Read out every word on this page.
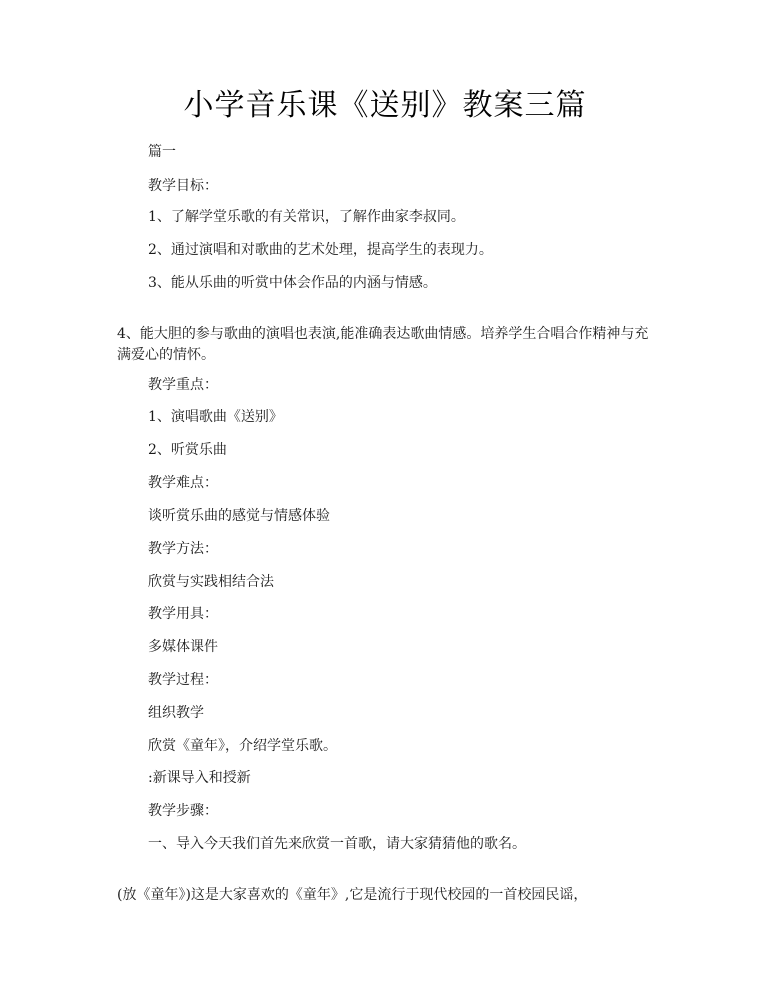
小学音乐课《送别》教案三篇
篇一
教学目标：
1、了解学堂乐歌的有关常识，了解作曲家李叔同。
2、通过演唱和对歌曲的艺术处理，提高学生的表现力。
3、能从乐曲的听赏中体会作品的内涵与情感。
4、能大胆的参与歌曲的演唱也表演,能准确表达歌曲情感。培养学生合唱合作精神与充满爱心的情怀。
教学重点：
1、演唱歌曲《送别》
2、听赏乐曲
教学难点：
谈听赏乐曲的感觉与情感体验
教学方法：
欣赏与实践相结合法
教学用具：
多媒体课件
教学过程：
组织教学
欣赏《童年》，介绍学堂乐歌。
:新课导入和授新
教学步骤：
一、导入今天我们首先来欣赏一首歌，请大家猜猜他的歌名。
(放《童年》)这是大家喜欢的《童年》,它是流行于现代校园的一首校园民谣，
